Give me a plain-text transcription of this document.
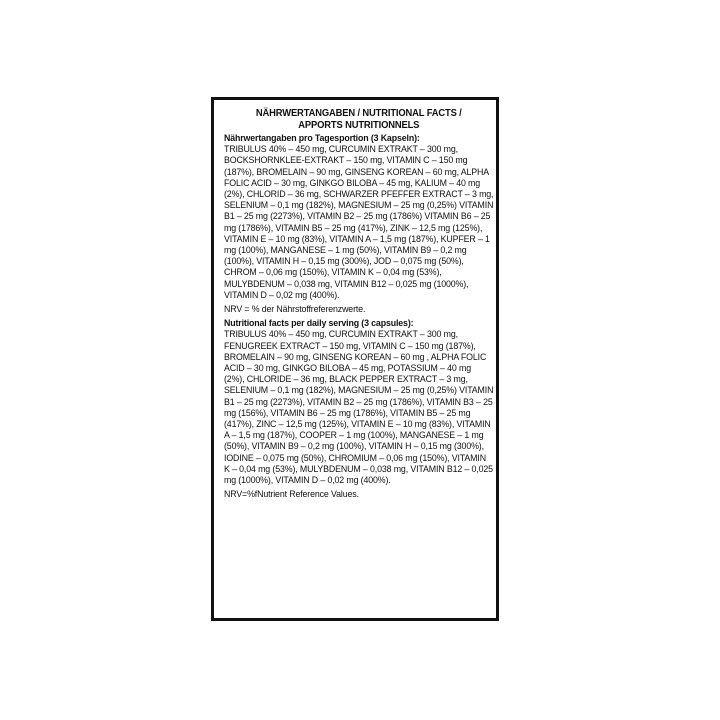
NÄHRWERTANGABEN / NUTRITIONAL FACTS /
APPORTS NUTRITIONNELS
Nährwertangaben pro Tagesportion (3 Kapseln):

TRIBULUS 40% – 450 mg, CURCUMIN EXTRAKT – 300 mg, BOCKSHORNKLEE-EXTRAKT – 150 mg, VITAMIN C – 150 mg (187%), BROMELAIN – 90 mg, GINSENG KOREAN – 60 mg, ALPHA FOLIC ACID – 30 mg, GINKGO BILOBA – 45 mg, KALIUM – 40 mg (2%), CHLORID – 36 mg, SCHWARZER PFEFFER EXTRACT – 3 mg, SELENIUM – 0,1 mg (182%), MAGNESIUM – 25 mg (0,25%) VITAMIN B1 – 25 mg (2273%), VITAMIN B2 – 25 mg (1786%) VITAMIN B6 – 25 mg (1786%), VITAMIN B5 – 25 mg (417%), ZINK – 12,5 mg (125%), VITAMIN E – 10 mg (83%), VITAMIN A – 1,5 mg (187%), KUPFER – 1 mg (100%), MANGANESE – 1 mg (50%), VITAMIN B9 – 0,2 mg (100%), VITAMIN H – 0,15 mg (300%), JOD – 0,075 mg (50%), CHROM – 0,06 mg (150%), VITAMIN K – 0,04 mg (53%), MULYBDENUM – 0,038 mg, VITAMIN B12 – 0,025 mg (1000%), VITAMIN D – 0,02 mg (400%).

NRV = % der Nährstoffreferenzwerte.

Nutritional facts per daily serving (3 capsules):

TRIBULUS 40% – 450 mg, CURCUMIN EXTRAKT – 300 mg, FENUGREEK EXTRACT – 150 mg, VITAMIN C – 150 mg (187%), BROMELAIN – 90 mg, GINSENG KOREAN – 60 mg , ALPHA FOLIC ACID – 30 mg, GINKGO BILOBA – 45 mg, POTASSIUM – 40 mg (2%), CHLORIDE – 36 mg, BLACK PEPPER EXTRACT – 3 mg, SELENIUM – 0,1 mg (182%), MAGNESIUM – 25 mg (0,25%) VITAMIN B1 – 25 mg (2273%), VITAMIN B2 – 25 mg (1786%), VITAMIN B3 – 25 mg (156%), VITAMIN B6 – 25 mg (1786%), VITAMIN B5 – 25 mg (417%), ZINC – 12,5 mg (125%), VITAMIN E – 10 mg (83%), VITAMIN A – 1,5 mg (187%), COOPER – 1 mg (100%), MANGANESE – 1 mg (50%), VITAMIN B9 – 0,2 mg (100%), VITAMIN H – 0,15 mg (300%), IODINE – 0,075 mg (50%), CHROMIUM – 0,06 mg (150%), VITAMIN K – 0,04 mg (53%), MULYBDENUM – 0,038 mg, VITAMIN B12 – 0,025 mg (1000%), VITAMIN D – 0,02 mg (400%).

NRV=%fNutrient Reference Values.
